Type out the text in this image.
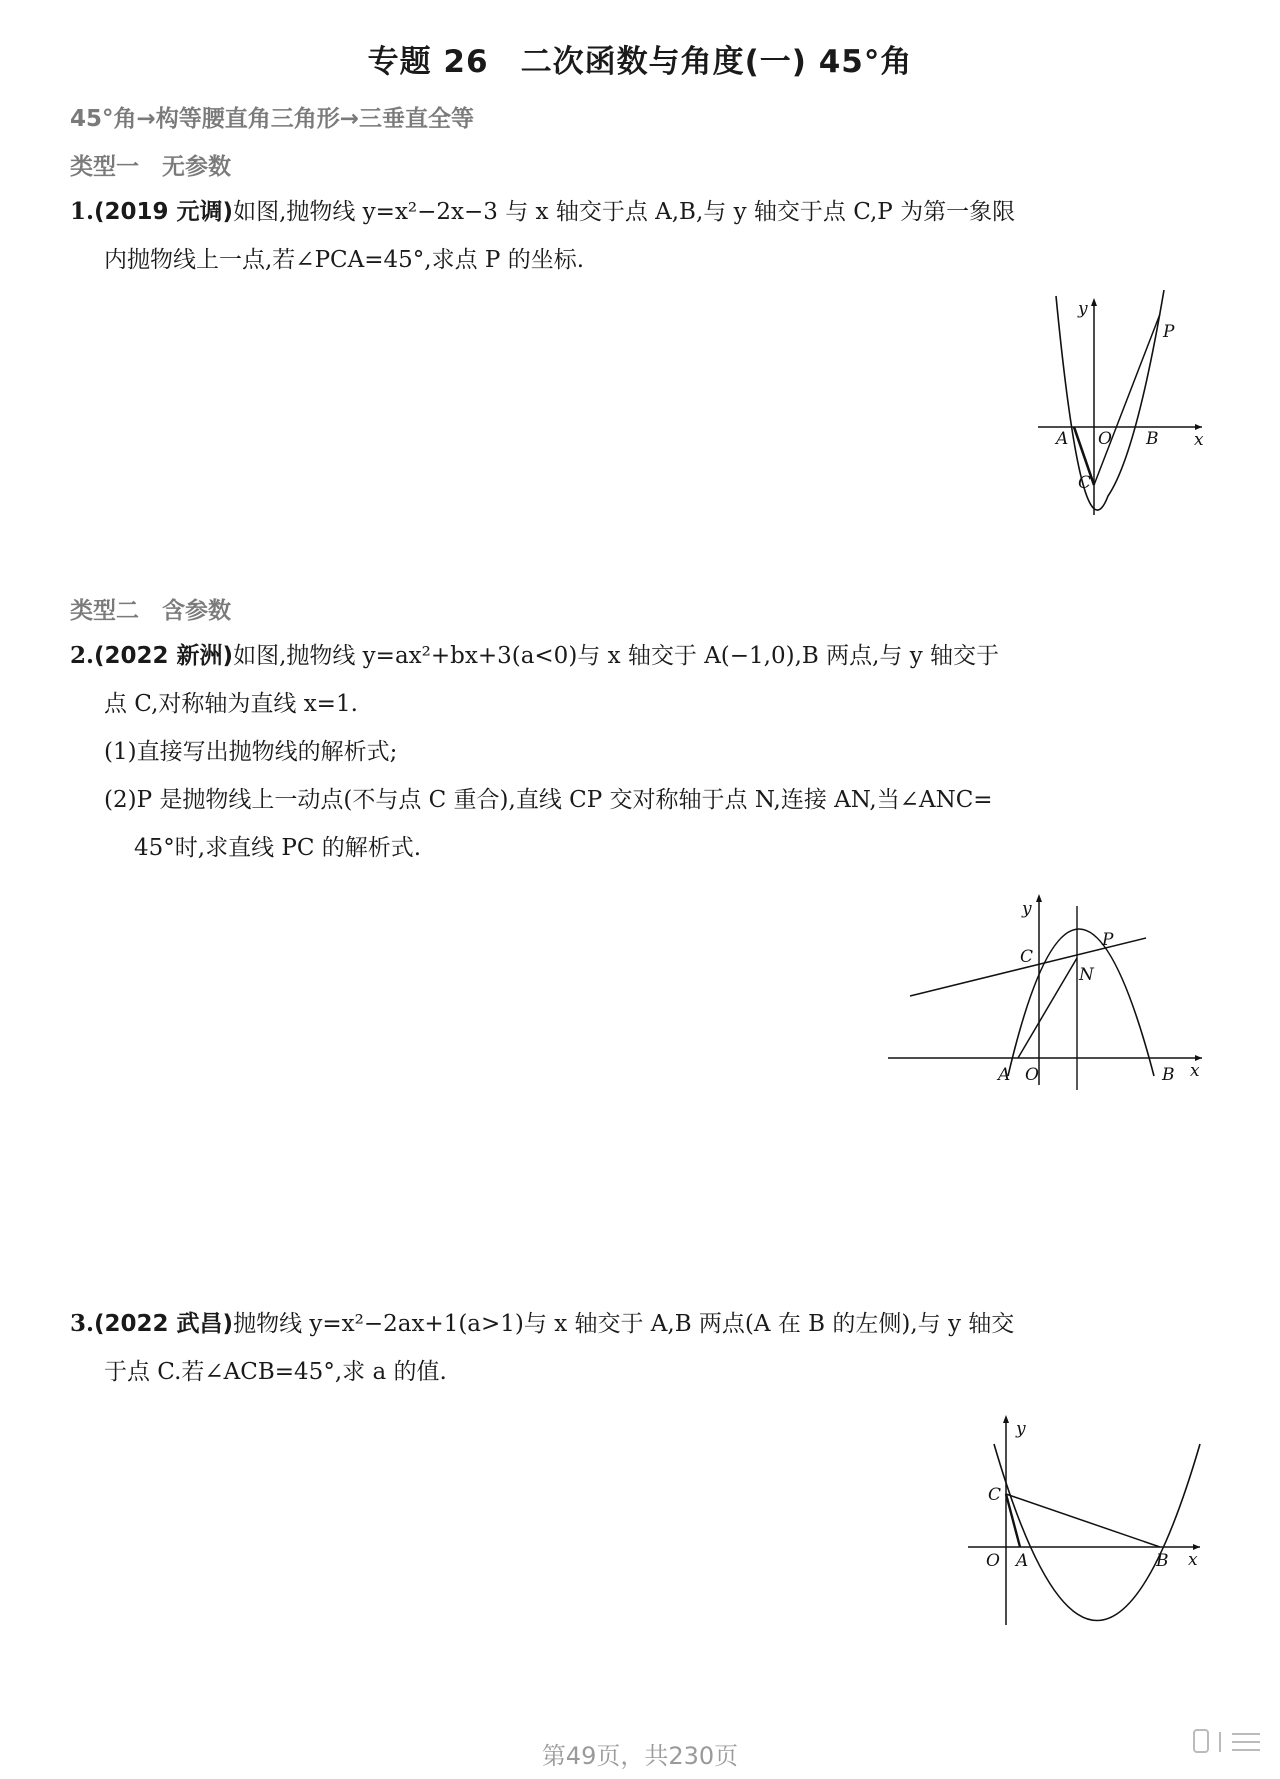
专题 26　二次函数与角度(一) 45°角
45°角→构等腰直角三角形→三垂直全等
类型一　无参数
1.(2019 元调)如图,抛物线 y=x²−2x−3 与 x 轴交于点 A,B,与 y 轴交于点 C,P 为第一象限
内抛物线上一点,若∠PCA=45°,求点 P 的坐标.
y
x
P
A O B
C
类型二　含参数
2.(2022 新洲)如图,抛物线 y=ax²+bx+3(a<0)与 x 轴交于 A(−1,0),B 两点,与 y 轴交于
点 C,对称轴为直线 x=1.
(1)直接写出抛物线的解析式;
(2)P 是抛物线上一动点(不与点 C 重合),直线 CP 交对称轴于点 N,连接 AN,当∠ANC=
45°时,求直线 PC 的解析式.
y
x
P
C
N
A O	B
3.(2022 武昌)抛物线 y=x²−2ax+1(a>1)与 x 轴交于 A,B 两点(A 在 B 的左侧),与 y 轴交
于点 C.若∠ACB=45°,求 a 的值.
y
x
C
O A	B
第49页，共230页
